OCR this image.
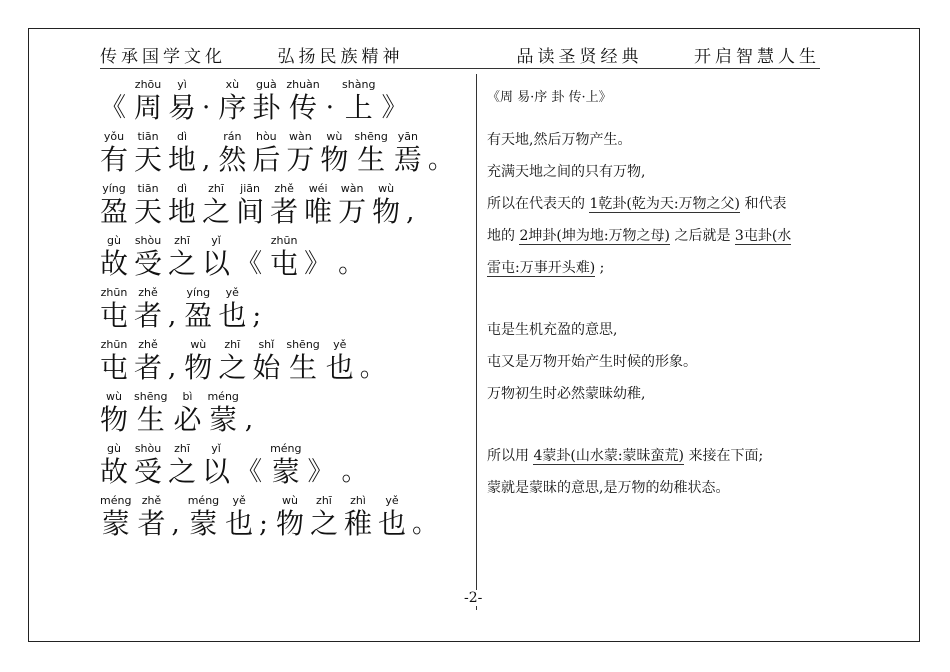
传承国学文化	弘扬民族精神	品读圣贤经典	开启智慧人生
《
zhōu
周
yì
易 ·
xù
序
guà
卦
zhuàn
传 ·
shàng
上 》
yǒu
有
tiān
天
dì
地 ,
rán
然
hòu
后
wàn
万
wù
物
shēng
生
yān
焉 。
yíng
盈
tiān
天
dì
地
zhī
之
jiān
间
zhě
者
wéi
唯
wàn
万
wù
物 ,
gù
故
shòu
受
zhī
之
yǐ
以 《
zhūn
屯 》 。
zhūn
屯
zhě
者 ,
yíng
盈
yě
也 ;
zhūn
屯
zhě
者 ,
wù
物
zhī
之
shǐ
始
shēng
生
yě
也 。
wù
物
shēng
生
bì
必
méng
蒙 ,
gù
故
shòu
受
zhī
之
yǐ
以 《
méng
蒙 》 。
méng
蒙
zhě
者 ,
méng
蒙
yě
也 ;
wù
物
zhī
之
zhì
稚
yě
也 。
《周 易·序 卦 传·上》
有天地,然后万物产生。
充满天地之间的只有万物,
所以在代表天的 1乾卦(乾为天:万物之父) 和代表
地的 2坤卦(坤为地:万物之母) 之后就是 3屯卦(水
雷屯:万事开头难) ;
屯是生机充盈的意思,
屯又是万物开始产生时候的形象。
万物初生时必然蒙昧幼稚,
所以用 4蒙卦(山水蒙:蒙昧蛮荒) 来接在下面;
蒙就是蒙昧的意思,是万物的幼稚状态。
-2-
